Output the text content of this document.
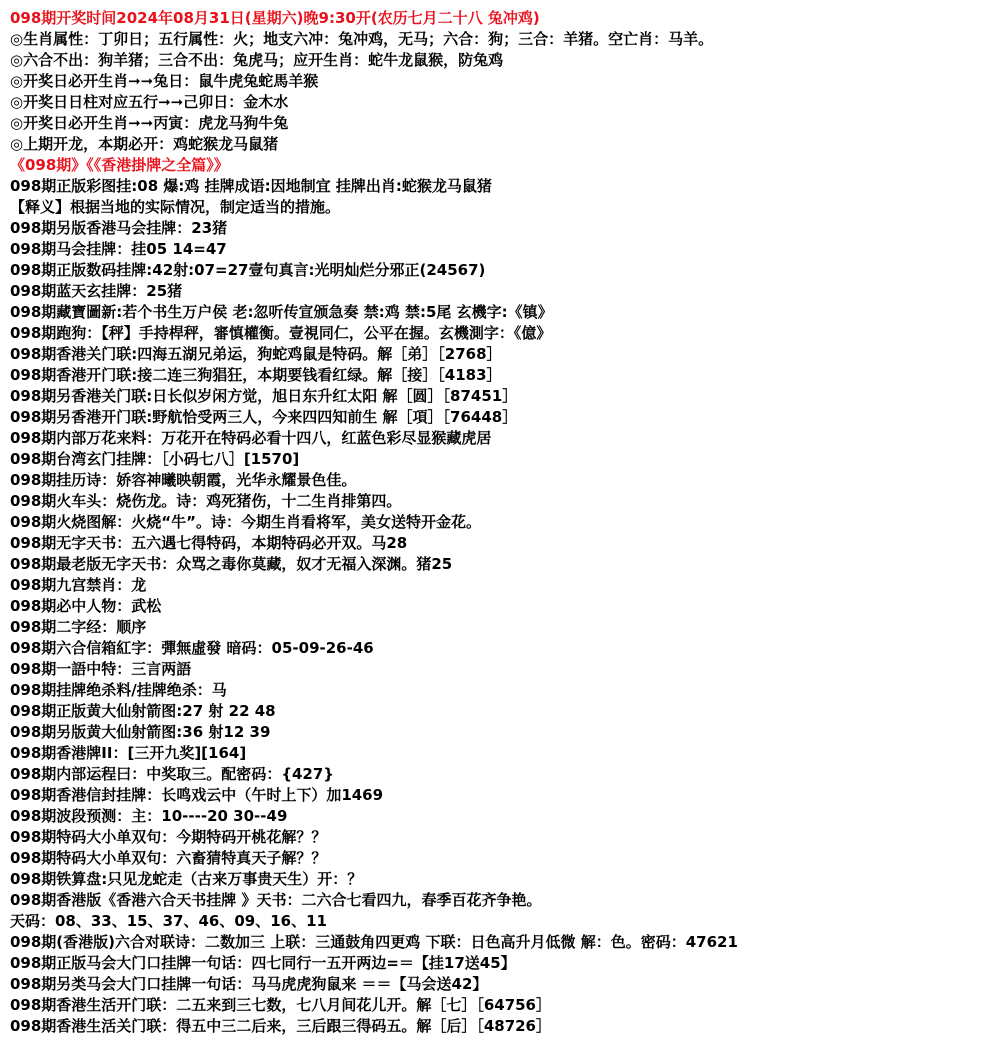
098期开奖时间2024年08月31日(星期六)晚9:30开(农历七月二十八 兔冲鸡)
◎生肖属性：丁卯日；五行属性：火；地支六冲：兔冲鸡，无马；六合：狗；三合：羊猪。空亡肖：马羊。
◎六合不出：狗羊猪；三合不出：兔虎马；应开生肖：蛇牛龙鼠猴，防兔鸡
◎开奖日必开生肖➞➞兔日：鼠牛虎兔蛇馬羊猴
◎开奖日日柱对应五行➞➞己卯日：金木水
◎开奖日必开生肖➞➞丙寅：虎龙马狗牛兔
◎上期开龙，本期必开：鸡蛇猴龙马鼠猪
《098期》《《香港掛牌之全篇》》
098期正版彩图挂:08 爆:鸡 挂牌成语:因地制宜 挂牌出肖:蛇猴龙马鼠猪
【释义】根据当地的实际情况，制定适当的措施。
098期另版香港马会挂牌：23猪
098期马会挂牌：挂05 14=47
098期正版数码挂牌:42射:07=27壹句真言:光明灿烂分邪正(24567)
098期蓝天玄挂牌：25猪
098期藏寶圖新:若个书生万户侯 老:忽听传宣颁急奏 禁:鸡 禁:5尾 玄機字:《镇》
098期跑狗：【秤】手持桿秤，審慎權衡。壹視同仁，公平在握。玄機測字：《億》
098期香港关门联:四海五湖兄弟运，狗蛇鸡鼠是特码。解［弟］［2768］
098期香港开门联:接二连三狗猖狂，本期要钱看红绿。解［接］［4183］
098期另香港关门联:日长似岁闲方觉，旭日东升红太阳 解［圆］［87451］
098期另香港开门联:野航恰受两三人，今来四四知前生 解［項］［76448］
098期内部万花来料：万花开在特码必看十四八，红蓝色彩尽显猴藏虎居
098期台湾玄门挂牌：［小码七八］[1570]
098期挂历诗：娇容神曦映朝霞，光华永耀景色佳。
098期火车头：烧伤龙。诗：鸡死猪伤，十二生肖排第四。
098期火烧图解：火烧“牛”。诗：今期生肖看将军，美女送特开金花。
098期无字天书：五六遇七得特码，本期特码必开双。马28
098期最老版无字天书：众骂之毒你莫藏，奴才无福入深渊。猪25
098期九宫禁肖：龙
098期必中人物：武松
098期二字经：顺序
098期六合信箱紅字：彈無虛發 暗码：05-09-26-46
098期一語中特：三言两語
098期挂牌绝杀料/挂牌绝杀：马
098期正版黄大仙射箭图:27 射 22 48
098期另版黄大仙射箭图:36 射12 39
098期香港牌II：[三开九奖][164]
098期内部运程曰：中奖取三。配密码：{427}
098期香港信封挂牌：长鸣戏云中（午时上下）加1469
098期波段预测：主：10----20 30--49
098期特码大小单双句：今期特码开桃花解？？
098期特码大小单双句：六畜猜特真天子解？？
098期铁算盘:只见龙蛇走（古来万事贵天生）开：？
098期香港版《香港六合天书挂牌 》天书：二六合七看四九，春季百花齐争艳。
天码：08、33、15、37、46、09、16、11
098期(香港版)六合对联诗：二数加三 上联：三通鼓角四更鸡 下联：日色高升月低微 解：色。密码：47621
098期正版马会大门口挂牌一句话：四七同行一五开两边=＝【挂17送45】
098期另类马会大门口挂牌一句话：马马虎虎狗鼠来 ＝＝【马会送42】
098期香港生活开门联：二五来到三七数，七八月间花儿开。解［七］［64756］
098期香港生活关门联：得五中三二后来，三后跟三得码五。解［后］［48726］
